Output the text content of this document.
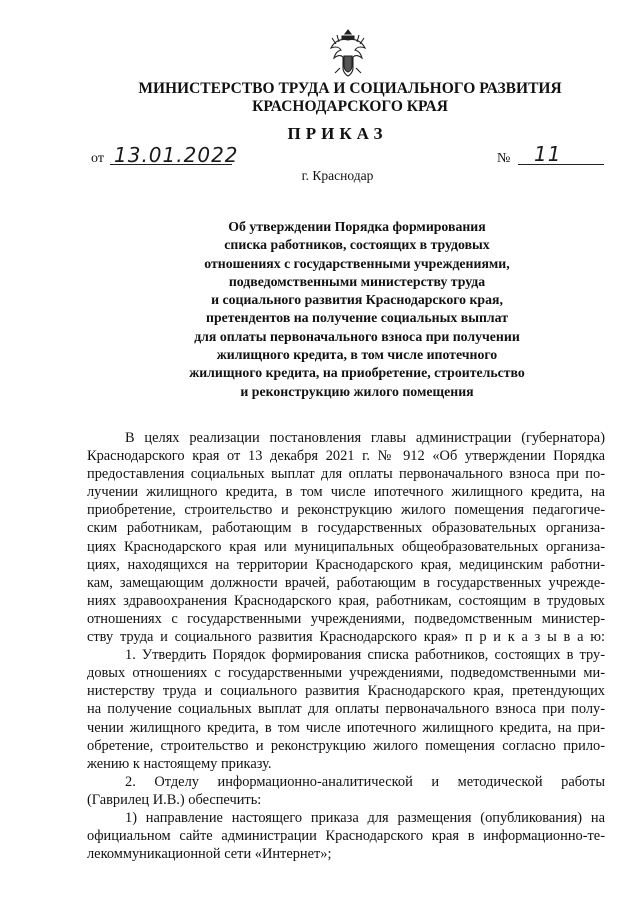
МИНИСТЕРСТВО ТРУДА И СОЦИАЛЬНОГО РАЗВИТИЯ
КРАСНОДАРСКОГО КРАЯ
ПРИКАЗ
от 13.01.2022	№ 11
г. Краснодар
Об утверждении Порядка формирования
списка работников, состоящих в трудовых
отношениях с государственными учреждениями,
подведомственными министерству труда
и социального развития Краснодарского края,
претендентов на получение социальных выплат
для оплаты первоначального взноса при получении
жилищного кредита, в том числе ипотечного
жилищного кредита, на приобретение, строительство
и реконструкцию жилого помещения
В целях реализации постановления главы администрации (губернатора)
Краснодарского края от 13 декабря 2021 г. № 912 «Об утверждении Порядка
предоставления социальных выплат для оплаты первоначального взноса при по-
лучении жилищного кредита, в том числе ипотечного жилищного кредита, на
приобретение, строительство и реконструкцию жилого помещения педагогиче-
ским работникам, работающим в государственных образовательных организа-
циях Краснодарского края или муниципальных общеобразовательных организа-
циях, находящихся на территории Краснодарского края, медицинским работни-
кам, замещающим должности врачей, работающим в государственных учрежде-
ниях здравоохранения Краснодарского края, работникам, состоящим в трудовых
отношениях с государственными учреждениями, подведомственным министер-
ству труда и социального развития Краснодарского края» п р и к а з ы в а ю:
1. Утвердить Порядок формирования списка работников, состоящих в тру-
довых отношениях с государственными учреждениями, подведомственными ми-
нистерству труда и социального развития Краснодарского края, претендующих
на получение социальных выплат для оплаты первоначального взноса при полу-
чении жилищного кредита, в том числе ипотечного жилищного кредита, на при-
обретение, строительство и реконструкцию жилого помещения согласно прило-
жению к настоящему приказу.
2. Отделу информационно-аналитической и методической работы
(Гаврилец И.В.) обеспечить:
1) направление настоящего приказа для размещения (опубликования) на
официальном сайте администрации Краснодарского края в информационно-те-
лекоммуникационной сети «Интернет»;
